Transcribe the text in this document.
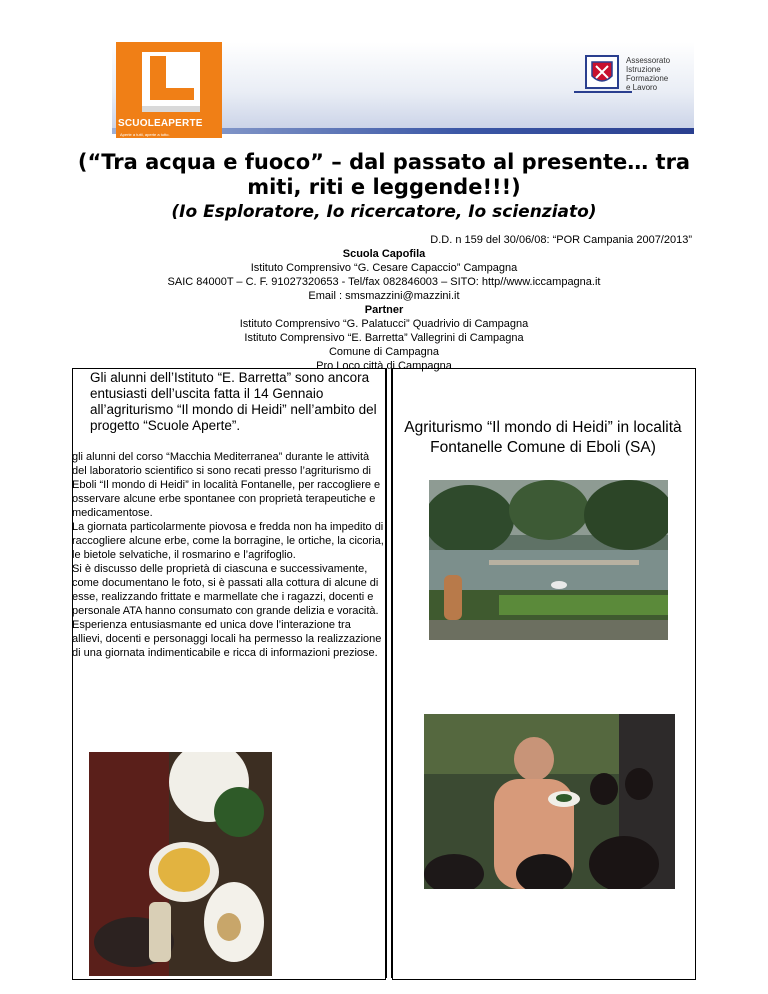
SCUOLEAPERTE
Aperte a tutti, aperte a tutto.
Assessorato
Istruzione
Formazione
e Lavoro
(“Tra acqua e fuoco” – dal passato al presente… tra
miti, riti e leggende!!!)
(Io Esploratore, Io ricercatore, Io scienziato)
D.D. n 159 del 30/06/08: “POR Campania 2007/2013”
Scuola Capofila
Istituto Comprensivo “G. Cesare Capaccio” Campagna
SAIC 84000T – C. F. 91027320653 - Tel/fax 082846003 – SITO: http//www.iccampagna.it
Email : smsmazzini@mazzini.it
Partner
Istituto Comprensivo “G. Palatucci” Quadrivio di Campagna
Istituto Comprensivo “E. Barretta” Vallegrini di Campagna
Comune di Campagna
Pro Loco città di Campagna
Gli alunni dell’Istituto “E. Barretta” sono ancora entusiasti dell’uscita fatta il 14 Gennaio all’agriturismo “Il mondo di Heidi” nell’ambito del progetto “Scuole Aperte”.
gli alunni del corso “Macchia Mediterranea” durante le attività del laboratorio scientifico si sono recati presso l’agriturismo di Eboli “Il mondo di Heidi” in località Fontanelle, per raccogliere e osservare alcune erbe spontanee con proprietà terapeutiche e medicamentose.
La giornata particolarmente piovosa e fredda non ha impedito di raccogliere alcune erbe, come la borragine, le ortiche, la cicoria, le bietole selvatiche, il rosmarino e l’agrifoglio.
Si è discusso delle proprietà di ciascuna e successivamente, come documentano le foto, si è passati alla cottura di alcune di esse, realizzando frittate e marmellate che i ragazzi, docenti e personale ATA hanno consumato con grande delizia e voracità.
Esperienza entusiasmante ed unica dove l’interazione tra allievi, docenti e personaggi locali ha permesso la realizzazione di una giornata indimenticabile e ricca di informazioni preziose.
Agriturismo “Il mondo di Heidi” in località Fontanelle Comune di Eboli (SA)
